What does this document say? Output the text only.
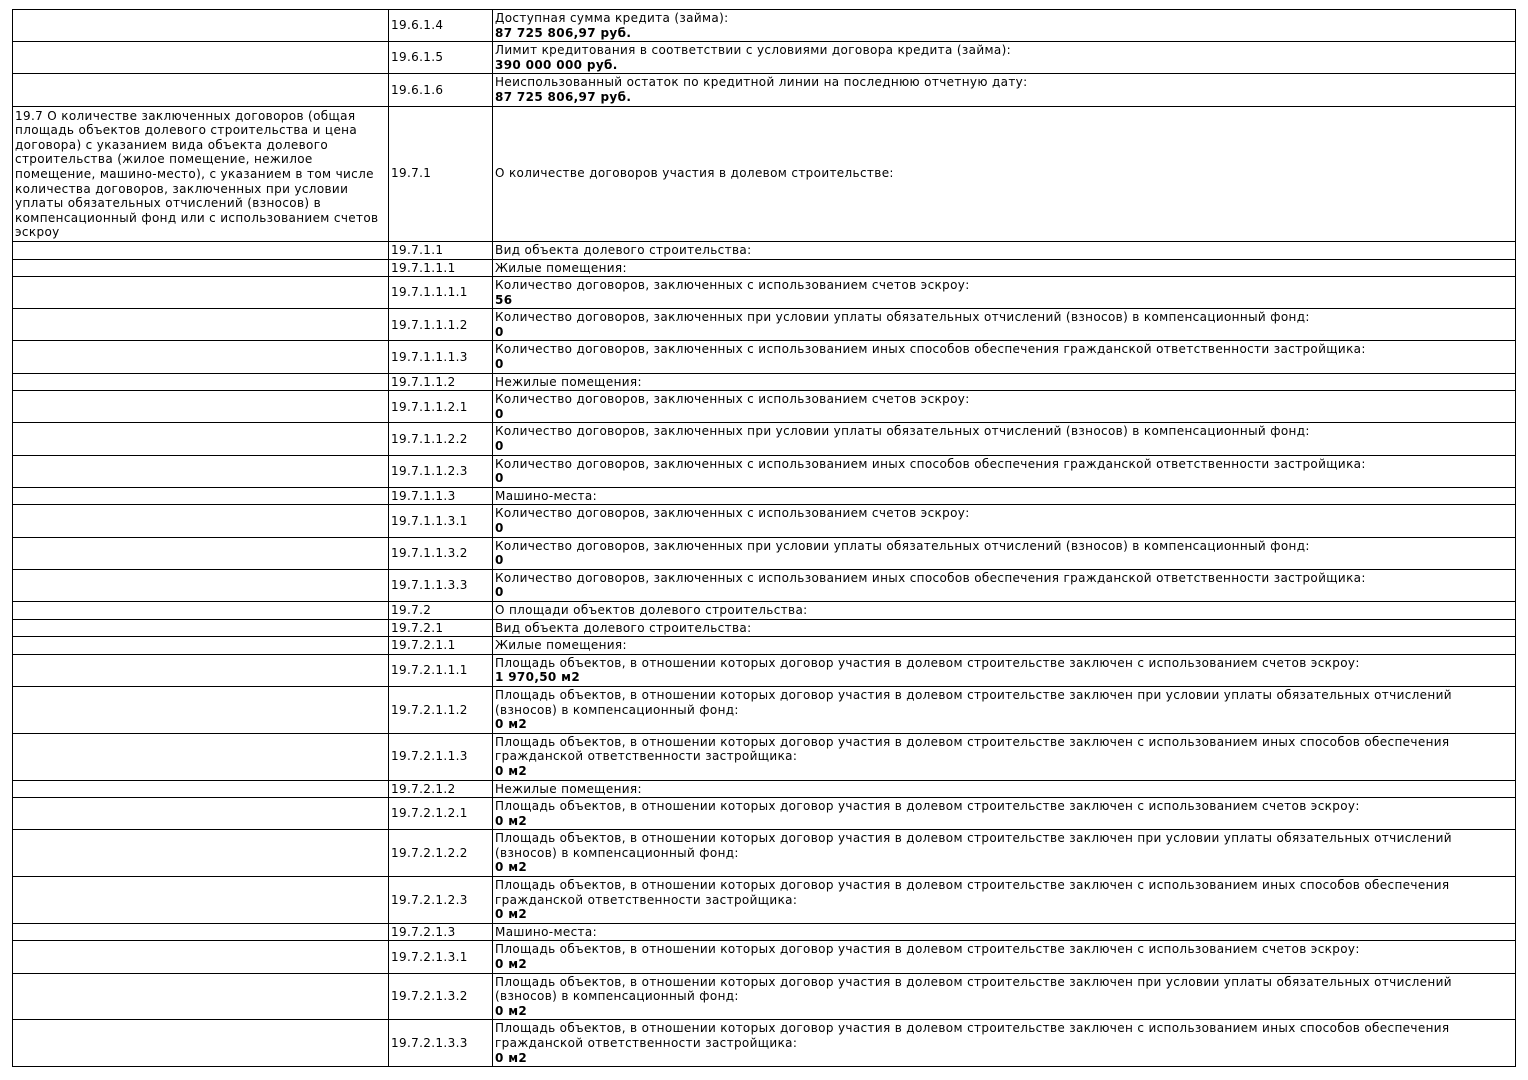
	19.6.1.4	Доступная сумма кредита (займа):
87 725 806,97 руб.

	19.6.1.5	Лимит кредитования в соответствии с условиями договора кредита (займа):
390 000 000 руб.

	19.6.1.6	Неиспользованный остаток по кредитной линии на последнюю отчетную дату:
87 725 806,97 руб.

19.7 О количестве заключенных договоров (общая площадь объектов долевого строительства и цена договора) с указанием вида объекта долевого строительства (жилое помещение, нежилое помещение, машино-место), с указанием в том числе количества договоров, заключенных при условии уплаты обязательных отчислений (взносов) в компенсационный фонд или с использованием счетов эскроу	19.7.1	О количестве договоров участия в долевом строительстве:

	19.7.1.1	Вид объекта долевого строительства:

	19.7.1.1.1	Жилые помещения:

	19.7.1.1.1.1	Количество договоров, заключенных с использованием счетов эскроу:
56

	19.7.1.1.1.2	Количество договоров, заключенных при условии уплаты обязательных отчислений (взносов) в компенсационный фонд:
0

	19.7.1.1.1.3	Количество договоров, заключенных с использованием иных способов обеспечения гражданской ответственности застройщика:
0

	19.7.1.1.2	Нежилые помещения:

	19.7.1.1.2.1	Количество договоров, заключенных с использованием счетов эскроу:
0

	19.7.1.1.2.2	Количество договоров, заключенных при условии уплаты обязательных отчислений (взносов) в компенсационный фонд:
0

	19.7.1.1.2.3	Количество договоров, заключенных с использованием иных способов обеспечения гражданской ответственности застройщика:
0

	19.7.1.1.3	Машино-места:

	19.7.1.1.3.1	Количество договоров, заключенных с использованием счетов эскроу:
0

	19.7.1.1.3.2	Количество договоров, заключенных при условии уплаты обязательных отчислений (взносов) в компенсационный фонд:
0

	19.7.1.1.3.3	Количество договоров, заключенных с использованием иных способов обеспечения гражданской ответственности застройщика:
0

	19.7.2	О площади объектов долевого строительства:

	19.7.2.1	Вид объекта долевого строительства:

	19.7.2.1.1	Жилые помещения:

	19.7.2.1.1.1	Площадь объектов, в отношении которых договор участия в долевом строительстве заключен с использованием счетов эскроу:
1 970,50 м2

	19.7.2.1.1.2	Площадь объектов, в отношении которых договор участия в долевом строительстве заключен при условии уплаты обязательных отчислений (взносов) в компенсационный фонд:
0 м2

	19.7.2.1.1.3	Площадь объектов, в отношении которых договор участия в долевом строительстве заключен с использованием иных способов обеспечения гражданской ответственности застройщика:
0 м2

	19.7.2.1.2	Нежилые помещения:

	19.7.2.1.2.1	Площадь объектов, в отношении которых договор участия в долевом строительстве заключен с использованием счетов эскроу:
0 м2

	19.7.2.1.2.2	Площадь объектов, в отношении которых договор участия в долевом строительстве заключен при условии уплаты обязательных отчислений (взносов) в компенсационный фонд:
0 м2

	19.7.2.1.2.3	Площадь объектов, в отношении которых договор участия в долевом строительстве заключен с использованием иных способов обеспечения гражданской ответственности застройщика:
0 м2

	19.7.2.1.3	Машино-места:

	19.7.2.1.3.1	Площадь объектов, в отношении которых договор участия в долевом строительстве заключен с использованием счетов эскроу:
0 м2

	19.7.2.1.3.2	Площадь объектов, в отношении которых договор участия в долевом строительстве заключен при условии уплаты обязательных отчислений (взносов) в компенсационный фонд:
0 м2

	19.7.2.1.3.3	Площадь объектов, в отношении которых договор участия в долевом строительстве заключен с использованием иных способов обеспечения гражданской ответственности застройщика:
0 м2
